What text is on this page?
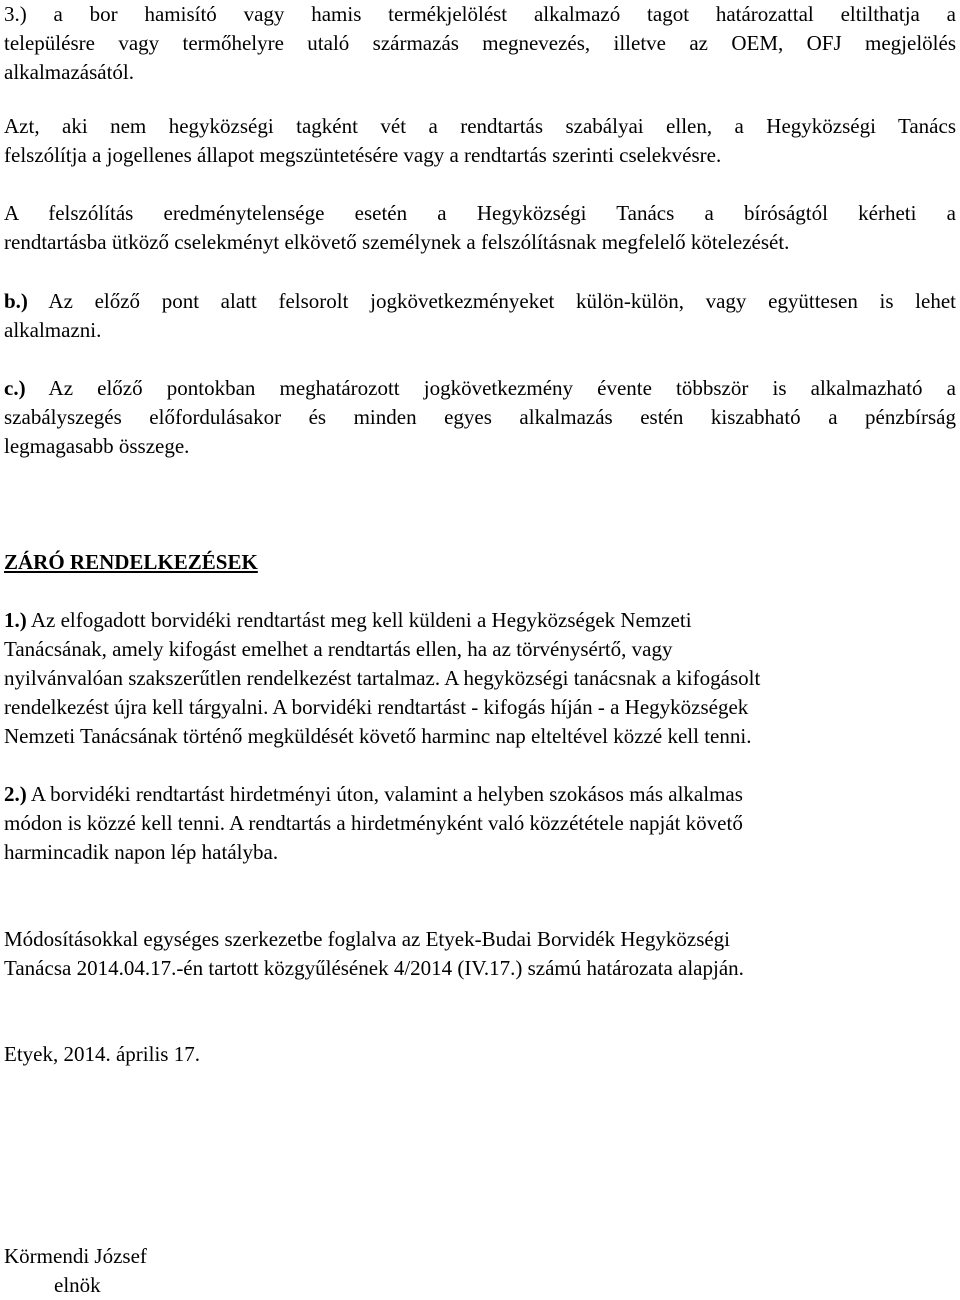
3.) a bor hamisító vagy hamis termékjelölést alkalmazó tagot határozattal eltilthatja a
településre vagy termőhelyre utaló származás megnevezés, illetve az OEM, OFJ megjelölés
alkalmazásától.
Azt, aki nem hegyközségi tagként vét a rendtartás szabályai ellen, a Hegyközségi Tanács
felszólítja a jogellenes állapot megszüntetésére vagy a rendtartás szerinti cselekvésre.
A felszólítás eredménytelensége esetén a Hegyközségi Tanács a bíróságtól kérheti a
rendtartásba ütköző cselekményt elkövető személynek a felszólításnak megfelelő kötelezését.
b.) Az előző pont alatt felsorolt jogkövetkezményeket külön-külön, vagy együttesen is lehet
alkalmazni.
c.) Az előző pontokban meghatározott jogkövetkezmény évente többször is alkalmazható a
szabályszegés előfordulásakor és minden egyes alkalmazás estén kiszabható a pénzbírság
legmagasabb összege.
ZÁRÓ RENDELKEZÉSEK
1.) Az elfogadott borvidéki rendtartást meg kell küldeni a Hegyközségek Nemzeti
Tanácsának, amely kifogást emelhet a rendtartás ellen, ha az törvénysértő, vagy
nyilvánvalóan szakszerűtlen rendelkezést tartalmaz. A hegyközségi tanácsnak a kifogásolt
rendelkezést újra kell tárgyalni. A borvidéki rendtartást - kifogás híján - a Hegyközségek
Nemzeti Tanácsának történő megküldését követő harminc nap elteltével közzé kell tenni.
2.) A borvidéki rendtartást hirdetményi úton, valamint a helyben szokásos más alkalmas
módon is közzé kell tenni. A rendtartás a hirdetményként való közzététele napját követő
harmincadik napon lép hatályba.
Módosításokkal egységes szerkezetbe foglalva az Etyek-Budai Borvidék Hegyközségi
Tanácsa 2014.04.17.-én tartott közgyűlésének 4/2014 (IV.17.) számú határozata alapján.
Etyek, 2014. április 17.
Körmendi József
elnök
